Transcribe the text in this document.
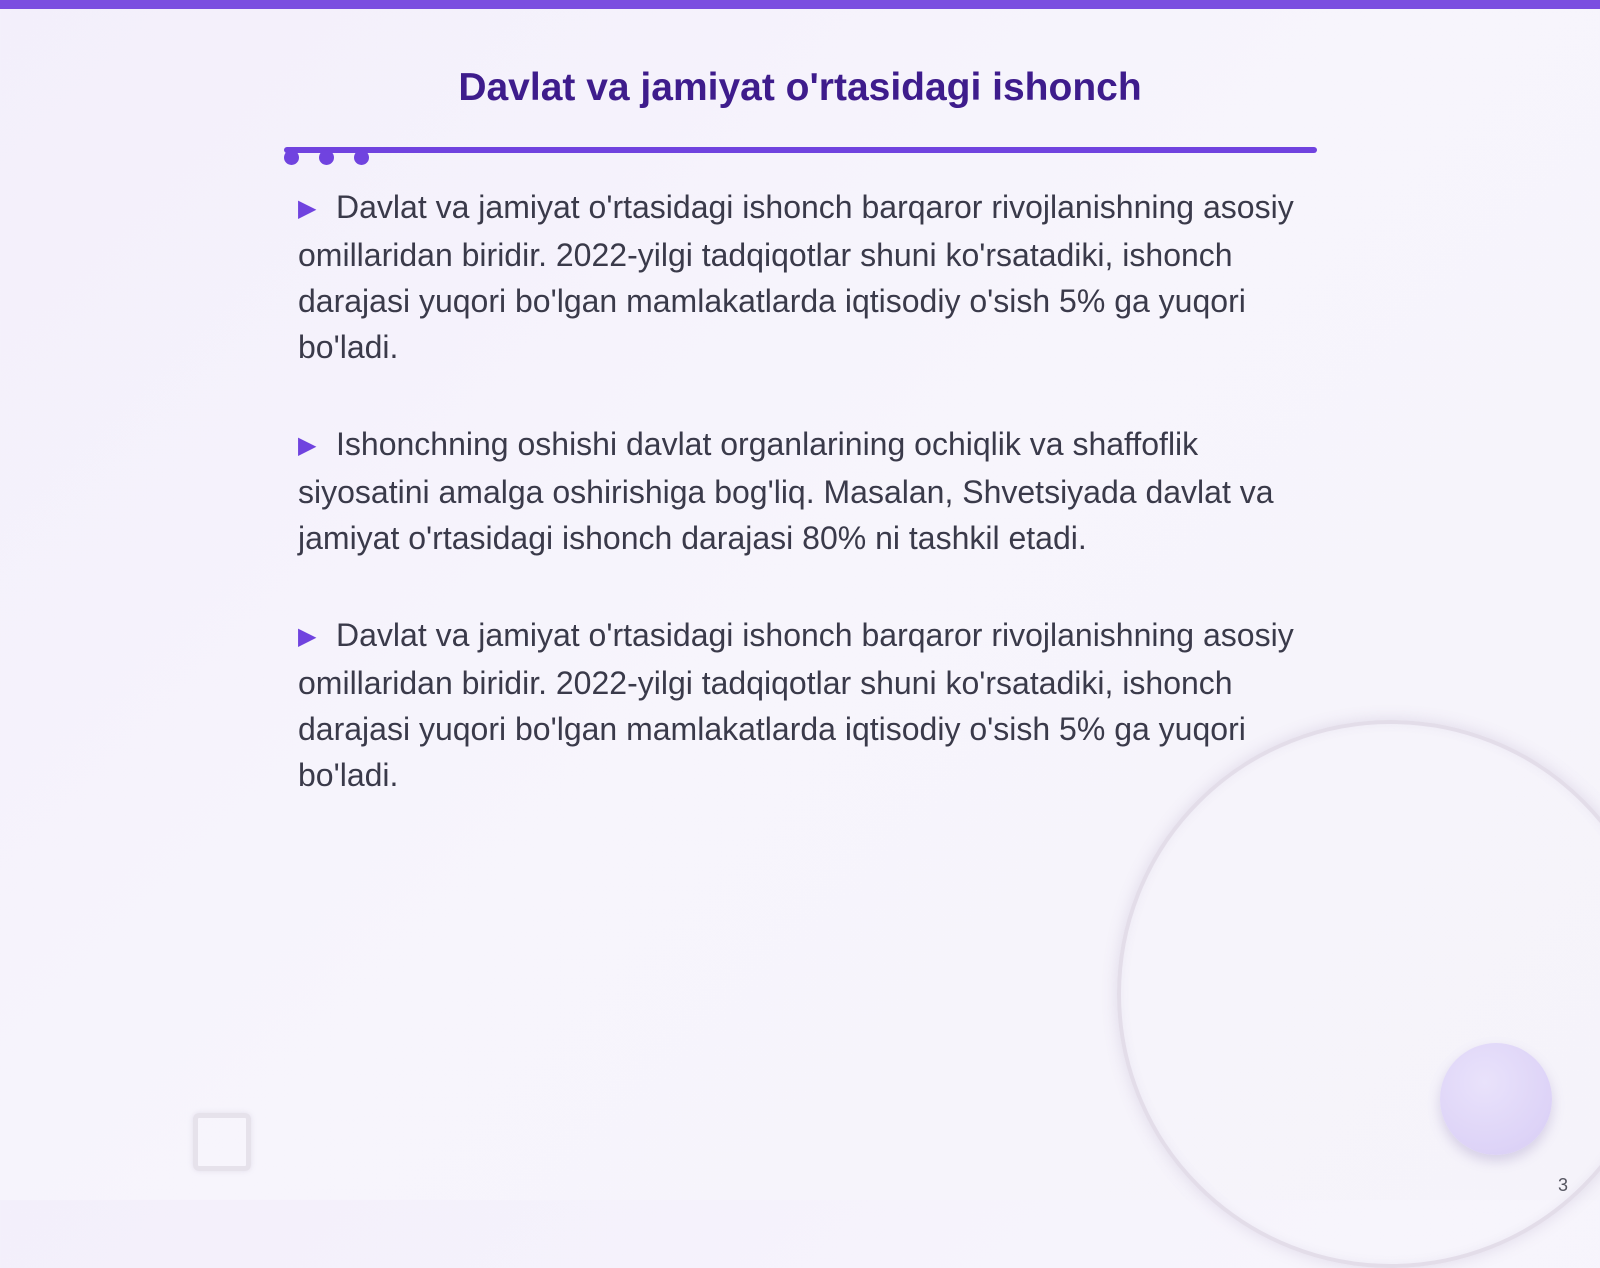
Davlat va jamiyat o'rtasidagi ishonch

▶ Davlat va jamiyat o'rtasidagi ishonch barqaror rivojlanishning asosiy omillaridan biridir. 2022-yilgi tadqiqotlar shuni ko'rsatadiki, ishonch darajasi yuqori bo'lgan mamlakatlarda iqtisodiy o'sish 5% ga yuqori bo'ladi.

▶ Ishonchning oshishi davlat organlarining ochiqlik va shaffoflik siyosatini amalga oshirishiga bog'liq. Masalan, Shvetsiyada davlat va jamiyat o'rtasidagi ishonch darajasi 80% ni tashkil etadi.

▶ Davlat va jamiyat o'rtasidagi ishonch barqaror rivojlanishning asosiy omillaridan biridir. 2022-yilgi tadqiqotlar shuni ko'rsatadiki, ishonch darajasi yuqori bo'lgan mamlakatlarda iqtisodiy o'sish 5% ga yuqori bo'ladi.

3
